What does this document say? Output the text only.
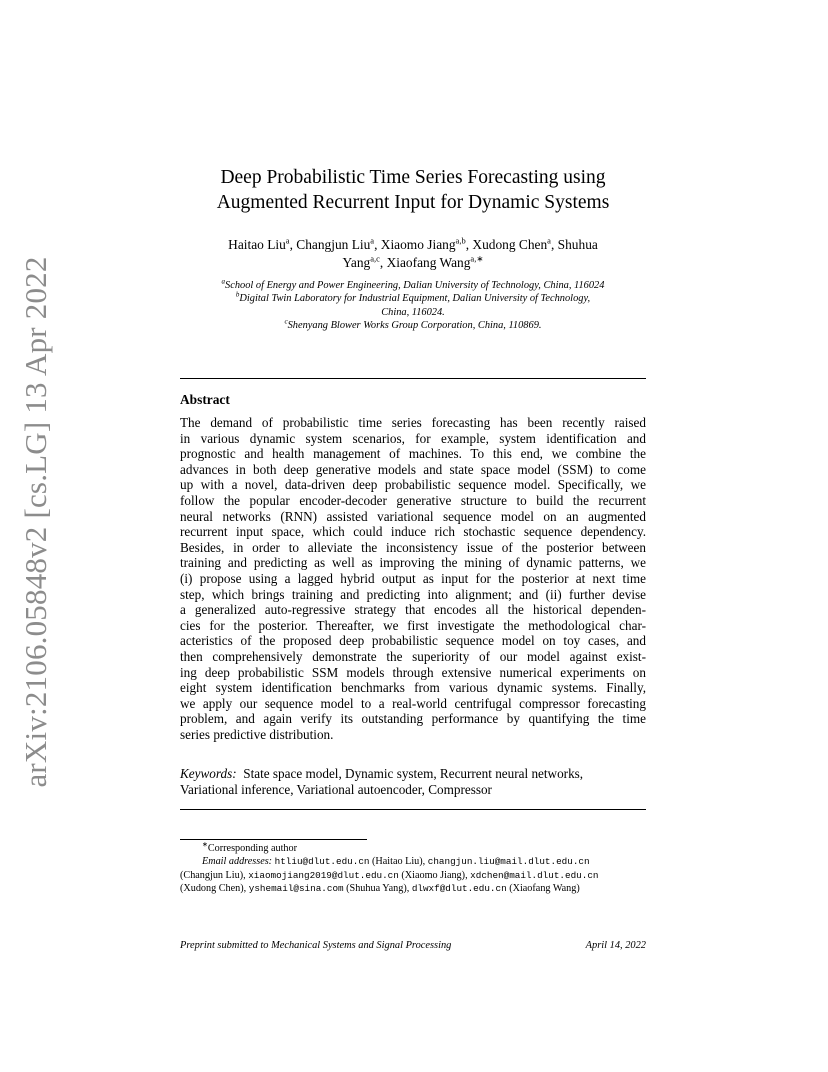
arXiv:2106.05848v2 [cs.LG] 13 Apr 2022
Deep Probabilistic Time Series Forecasting using
Augmented Recurrent Input for Dynamic Systems
Haitao Liu$^a$, Changjun Liu$^a$, Xiaomo Jiang$^{a,b}$, Xudong Chen$^a$, Shuhua
Yang$^{a,c}$, Xiaofang Wang$^{a,∗}$
$^a$School of Energy and Power Engineering, Dalian University of Technology, China, 116024
$^b$Digital Twin Laboratory for Industrial Equipment, Dalian University of Technology,
China, 116024.
$^c$Shenyang Blower Works Group Corporation, China, 110869.
Abstract
The demand of probabilistic time series forecasting has been recently raised
in various dynamic system scenarios, for example, system identification and
prognostic and health management of machines. To this end, we combine the
advances in both deep generative models and state space model (SSM) to come
up with a novel, data-driven deep probabilistic sequence model. Specifically, we
follow the popular encoder-decoder generative structure to build the recurrent
neural networks (RNN) assisted variational sequence model on an augmented
recurrent input space, which could induce rich stochastic sequence dependency.
Besides, in order to alleviate the inconsistency issue of the posterior between
training and predicting as well as improving the mining of dynamic patterns, we
(i) propose using a lagged hybrid output as input for the posterior at next time
step, which brings training and predicting into alignment; and (ii) further devise
a generalized auto-regressive strategy that encodes all the historical dependen-
cies for the posterior. Thereafter, we first investigate the methodological char-
acteristics of the proposed deep probabilistic sequence model on toy cases, and
then comprehensively demonstrate the superiority of our model against exist-
ing deep probabilistic SSM models through extensive numerical experiments on
eight system identification benchmarks from various dynamic systems. Finally,
we apply our sequence model to a real-world centrifugal compressor forecasting
problem, and again verify its outstanding performance by quantifying the time
series predictive distribution.
Keywords: State space model, Dynamic system, Recurrent neural networks,
Variational inference, Variational autoencoder, Compressor
∗Corresponding author
Email addresses: htliu@dlut.edu.cn (Haitao Liu), changjun.liu@mail.dlut.edu.cn
(Changjun Liu), xiaomojiang2019@dlut.edu.cn (Xiaomo Jiang), xdchen@mail.dlut.edu.cn
(Xudong Chen), yshemail@sina.com (Shuhua Yang), dlwxf@dlut.edu.cn (Xiaofang Wang)
Preprint submitted to Mechanical Systems and Signal Processing	April 14, 2022
